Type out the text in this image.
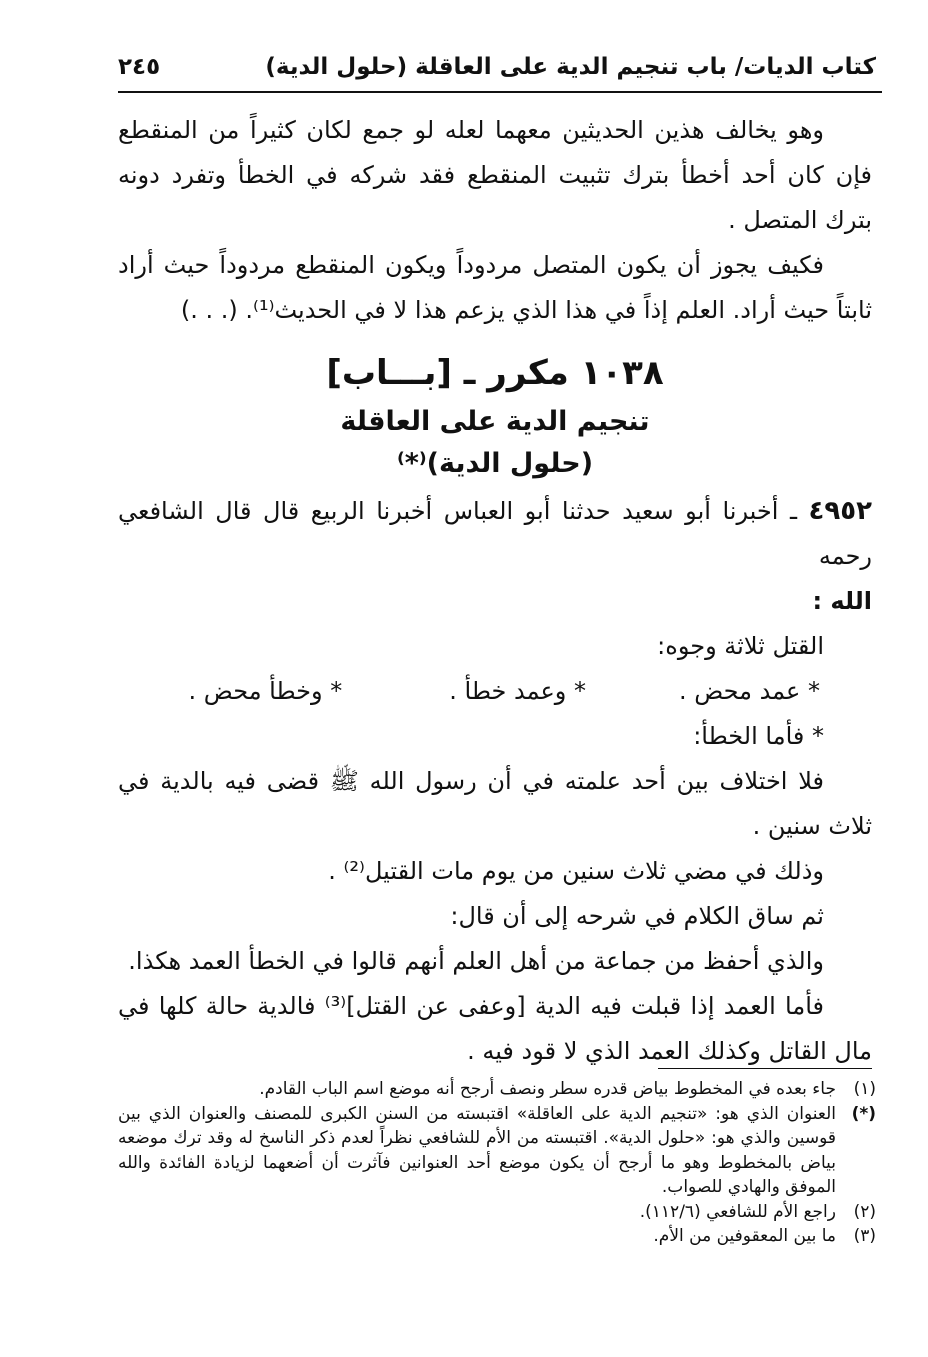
كتاب الديات/ باب تنجيم الدية على العاقلة (حلول الدية)
٢٤٥

وهو يخالف هذين الحديثين معهما لعله لو جمع لكان كثيراً من المنقطع فإن كان أحد أخطأ بترك تثبيت المنقطع فقد شركه في الخطأ وتفرد دونه بترك المتصل .

فكيف يجوز أن يكون المتصل مردوداً ويكون المنقطع مردوداً حيث أراد ثابتاً حيث أراد. العلم إذاً في هذا الذي يزعم هذا لا في الحديث⁽¹⁾. (. . .)

١٠٣٨ مكرر ـ [بـــاب]
تنجيم الدية على العاقلة
(حلول الدية)⁽*⁾

٤٩٥٢ ـ أخبرنا أبو سعيد حدثنا أبو العباس أخبرنا الربيع قال قال الشافعي رحمه

الله :

القتل ثلاثة وجوه:

* عمد محض .
* وعمد خطأ .
* وخطأ محض .

* فأما الخطأ:

فلا اختلاف بين أحد علمته في أن رسول الله ﷺ قضى فيه بالدية في ثلاث سنين .

وذلك في مضي ثلاث سنين من يوم مات القتيل⁽²⁾ .

ثم ساق الكلام في شرحه إلى أن قال:

والذي أحفظ من جماعة من أهل العلم أنهم قالوا في الخطأ العمد هكذا.

فأما العمد إذا قبلت فيه الدية [وعفى عن القتل]⁽³⁾ فالدية حالة كلها في مال القاتل وكذلك العمد الذي لا قود فيه .

(١)جاء بعده في المخطوط بياض قدره سطر ونصف أرجح أنه موضع اسم الباب القادم.

(*)العنوان الذي هو: «تنجيم الدية على العاقلة» اقتبسته من السنن الكبرى للمصنف والعنوان الذي بين قوسين والذي هو: «حلول الدية». اقتبسته من الأم للشافعي نظراً لعدم ذكر الناسخ له وقد ترك موضعه بياض بالمخطوط وهو ما أرجح أن يكون موضع أحد العنوانين فآثرت أن أضعهما لزيادة الفائدة والله الموفق والهادي للصواب.

(٢)راجع الأم للشافعي (١١٢/٦).

(٣)ما بين المعقوفين من الأم.
